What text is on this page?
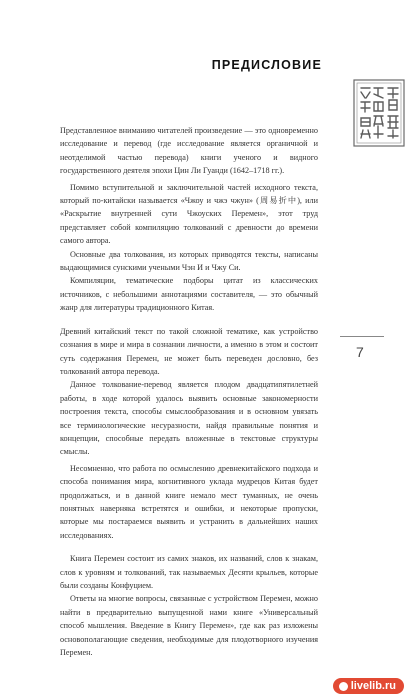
ПРЕДИСЛОВИЕ

Представленное вниманию читателей произведение — это одновременно исследование и перевод (где исследование является органичной и неотделимой частью перевода) книги ученого и видного государственного деятеля эпохи Цин Ли Гуанди (1642–1718 гг.).

Помимо вступительной и заключительной частей исходного текста, который по-китайски называется «Чжоу и чжэ чжун» (周易折中), или «Раскрытие внутренней сути Чжоуских Перемен», этот труд представляет собой компиляцию толкований с древности до времени самого автора.

Основные два толкования, из которых приводятся тексты, написаны выдающимися сунскими учеными Чэн И и Чжу Си.

Компиляции, тематические подборы цитат из классических источников, с небольшими аннотациями составителя, — это обычный жанр для литературы традиционного Китая.

Древний китайский текст по такой сложной тематике, как устройство сознания в мире и мира в сознании личности, а именно в этом и состоит суть содержания Перемен, не может быть переведен дословно, без толкований автора перевода.

Данное толкование-перевод является плодом двадцатипятилетней работы, в ходе которой удалось выявить основные закономерности построения текста, способы смыслообразования и в основном увязать все терминологические несуразности, найдя правильные понятия и концепции, способные передать вложенные в текстовые структуры смыслы.

Несомненно, что работа по осмыслению древнекитайского подхода и способа понимания мира, когнитивного уклада мудрецов Китая будет продолжаться, и в данной книге немало мест туманных, не очень понятных наверняка встретятся и ошибки, и некоторые пропуски, которые мы постараемся выявить и устранить в дальнейших наших исследованиях.

Книга Перемен состоит из самих знаков, их названий, слов к знакам, слов к уровням и толкований, так называемых Десяти крыльев, которые были созданы Конфуцием.

Ответы на многие вопросы, связанные с устройством Перемен, можно найти в предварительно выпущенной нами книге «Универсальный способ мышления. Введение в Книгу Перемен», где как раз изложены основополагающие сведения, необходимые для плодотворного изучения Перемен.

7
livelib.ru
